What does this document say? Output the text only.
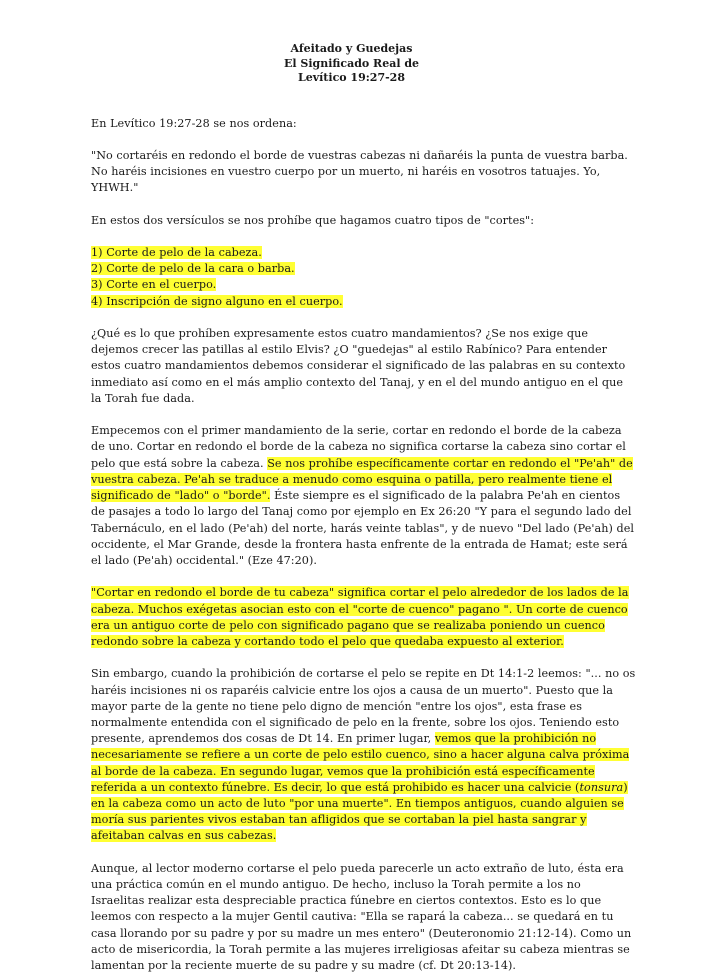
Afeitado y Guedejas
El Significado Real de
Levítico 19:27-28

En Levítico 19:27-28 se nos ordena:

"No cortaréis en redondo el borde de vuestras cabezas ni dañaréis la punta de vuestra barba. No haréis incisiones en vuestro cuerpo por un muerto, ni haréis en vosotros tatuajes. Yo, YHWH."

En estos dos versículos se nos prohíbe que hagamos cuatro tipos de "cortes":

1) Corte de pelo de la cabeza.
2) Corte de pelo de la cara o barba.
3) Corte en el cuerpo.
4) Inscripción de signo alguno en el cuerpo.

¿Qué es lo que prohíben expresamente estos cuatro mandamientos? ¿Se nos exige que dejemos crecer las patillas al estilo Elvis? ¿O "guedejas" al estilo Rabínico? Para entender estos cuatro mandamientos debemos considerar el significado de las palabras en su contexto inmediato así como en el más amplio contexto del Tanaj, y en el del mundo antiguo en el que la Torah fue dada.

Empecemos con el primer mandamiento de la serie, cortar en redondo el borde de la cabeza de uno. Cortar en redondo el borde de la cabeza no significa cortarse la cabeza sino cortar el pelo que está sobre la cabeza. Se nos prohíbe específicamente cortar en redondo el "Pe'ah" de vuestra cabeza. Pe'ah se traduce a menudo como esquina o patilla, pero realmente tiene el significado de "lado" o "borde". Éste siempre es el significado de la palabra Pe'ah en cientos de pasajes a todo lo largo del Tanaj como por ejemplo en Ex 26:20 "Y para el segundo lado del Tabernáculo, en el lado (Pe'ah) del norte, harás veinte tablas", y de nuevo "Del lado (Pe'ah) del occidente, el Mar Grande, desde la frontera hasta enfrente de la entrada de Hamat; este será el lado (Pe'ah) occidental." (Eze 47:20).

"Cortar en redondo el borde de tu cabeza" significa cortar el pelo alrededor de los lados de la cabeza. Muchos exégetas asocian esto con el "corte de cuenco" pagano ". Un corte de cuenco era un antiguo corte de pelo con significado pagano que se realizaba poniendo un cuenco redondo sobre la cabeza y cortando todo el pelo que quedaba expuesto al exterior.

Sin embargo, cuando la prohibición de cortarse el pelo se repite en Dt 14:1-2 leemos: "... no os haréis incisiones ni os raparéis calvicie entre los ojos a causa de un muerto". Puesto que la mayor parte de la gente no tiene pelo digno de mención "entre los ojos", esta frase es normalmente entendida con el significado de pelo en la frente, sobre los ojos. Teniendo esto presente, aprendemos dos cosas de Dt 14. En primer lugar, vemos que la prohibición no necesariamente se refiere a un corte de pelo estilo cuenco, sino a hacer alguna calva próxima al borde de la cabeza. En segundo lugar, vemos que la prohibición está específicamente referida a un contexto fúnebre. Es decir, lo que está prohibido es hacer una calvicie (tonsura) en la cabeza como un acto de luto "por una muerte". En tiempos antiguos, cuando alguien se moría sus parientes vivos estaban tan afligidos que se cortaban la piel hasta sangrar y afeitaban calvas en sus cabezas.

Aunque, al lector moderno cortarse el pelo pueda parecerle un acto extraño de luto, ésta era una práctica común en el mundo antiguo. De hecho, incluso la Torah permite a los no Israelitas realizar esta despreciable practica fúnebre en ciertos contextos. Esto es lo que leemos con respecto a la mujer Gentil cautiva: "Ella se rapará la cabeza... se quedará en tu casa llorando por su padre y por su madre un mes entero" (Deuteronomio 21:12-14). Como un acto de misericordia, la Torah permite a las mujeres irreligiosas afeitar su cabeza mientras se lamentan por la reciente muerte de su padre y su madre (cf. Dt 20:13-14).
